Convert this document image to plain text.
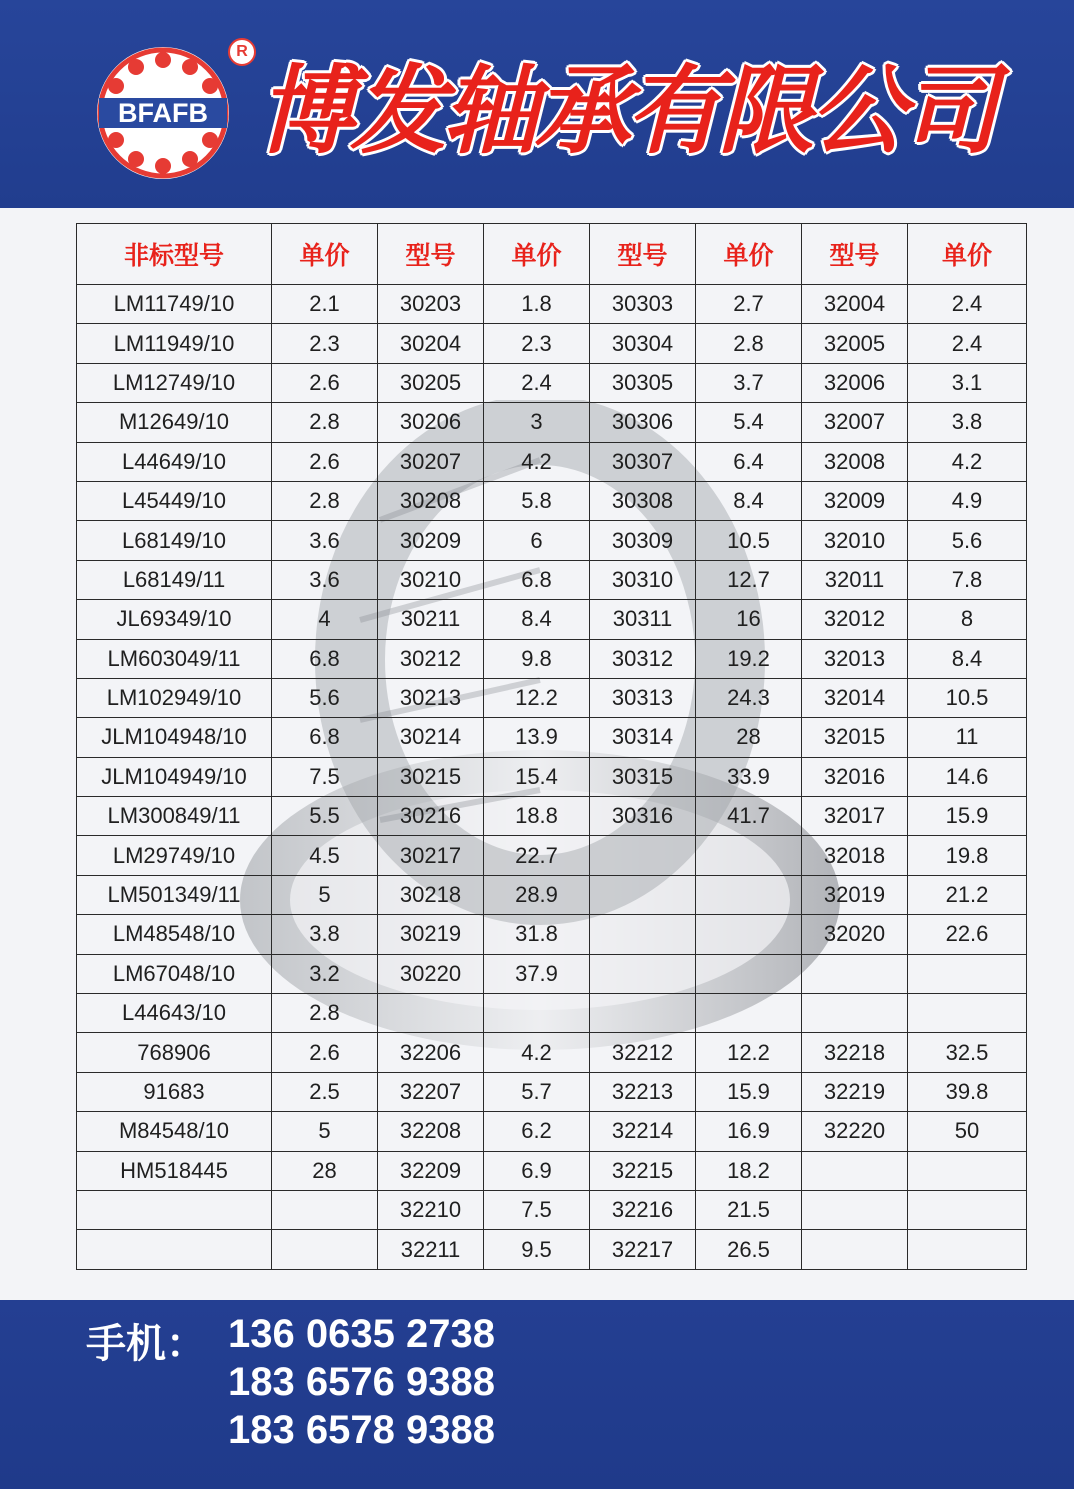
BFAFB
R
博发轴承有限公司
非标型号	单价	型号	单价	型号	单价	型号	单价
LM11749/10	2.1	30203	1.8	30303	2.7	32004	2.4
LM11949/10	2.3	30204	2.3	30304	2.8	32005	2.4
LM12749/10	2.6	30205	2.4	30305	3.7	32006	3.1
M12649/10	2.8	30206	3	30306	5.4	32007	3.8
L44649/10	2.6	30207	4.2	30307	6.4	32008	4.2
L45449/10	2.8	30208	5.8	30308	8.4	32009	4.9
L68149/10	3.6	30209	6	30309	10.5	32010	5.6
L68149/11	3.6	30210	6.8	30310	12.7	32011	7.8
JL69349/10	4	30211	8.4	30311	16	32012	8
LM603049/11	6.8	30212	9.8	30312	19.2	32013	8.4
LM102949/10	5.6	30213	12.2	30313	24.3	32014	10.5
JLM104948/10	6.8	30214	13.9	30314	28	32015	11
JLM104949/10	7.5	30215	15.4	30315	33.9	32016	14.6
LM300849/11	5.5	30216	18.8	30316	41.7	32017	15.9
LM29749/10	4.5	30217	22.7			32018	19.8
LM501349/11	5	30218	28.9			32019	21.2
LM48548/10	3.8	30219	31.8			32020	22.6
LM67048/10	3.2	30220	37.9				
L44643/10	2.8						
768906	2.6	32206	4.2	32212	12.2	32218	32.5
91683	2.5	32207	5.7	32213	15.9	32219	39.8
M84548/10	5	32208	6.2	32214	16.9	32220	50
HM518445	28	32209	6.9	32215	18.2		
		32210	7.5	32216	21.5		
		32211	9.5	32217	26.5		
手机： 136 0635 2738
183 6576 9388
183 6578 9388
